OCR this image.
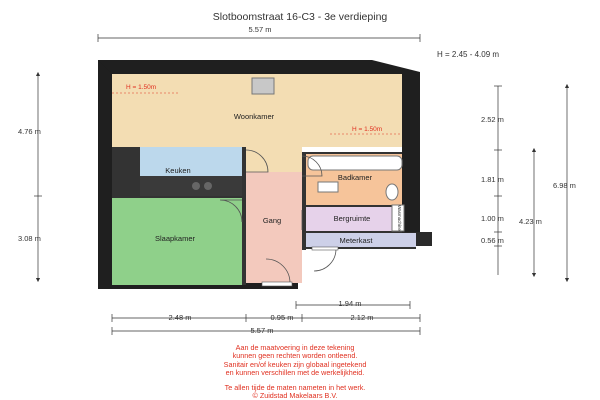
Slotboomstraat 16-C3 - 3e verdieping
H = 2.45 - 4.09 m
Wasmachine
Woonkamer
Keuken
Slaapkamer
Gang
Badkamer
Bergruimte
Meterkast
H = 1.50m
H = 1.50m
5.57 m
4.76 m
3.08 m
2.52 m
1.81 m
1.00 m
0.56 m
4.23 m
6.98 m
1.94 m
2.48 m	0.95 m	2.12 m
5.57 m
Aan de maatvoering in deze tekening
kunnen geen rechten worden ontleend.
Sanitair en/of keuken zijn globaal ingetekend
en kunnen verschillen met de werkelijkheid.
Te allen tijde de maten nameten in het werk.
© Zuidstad Makelaars B.V.
